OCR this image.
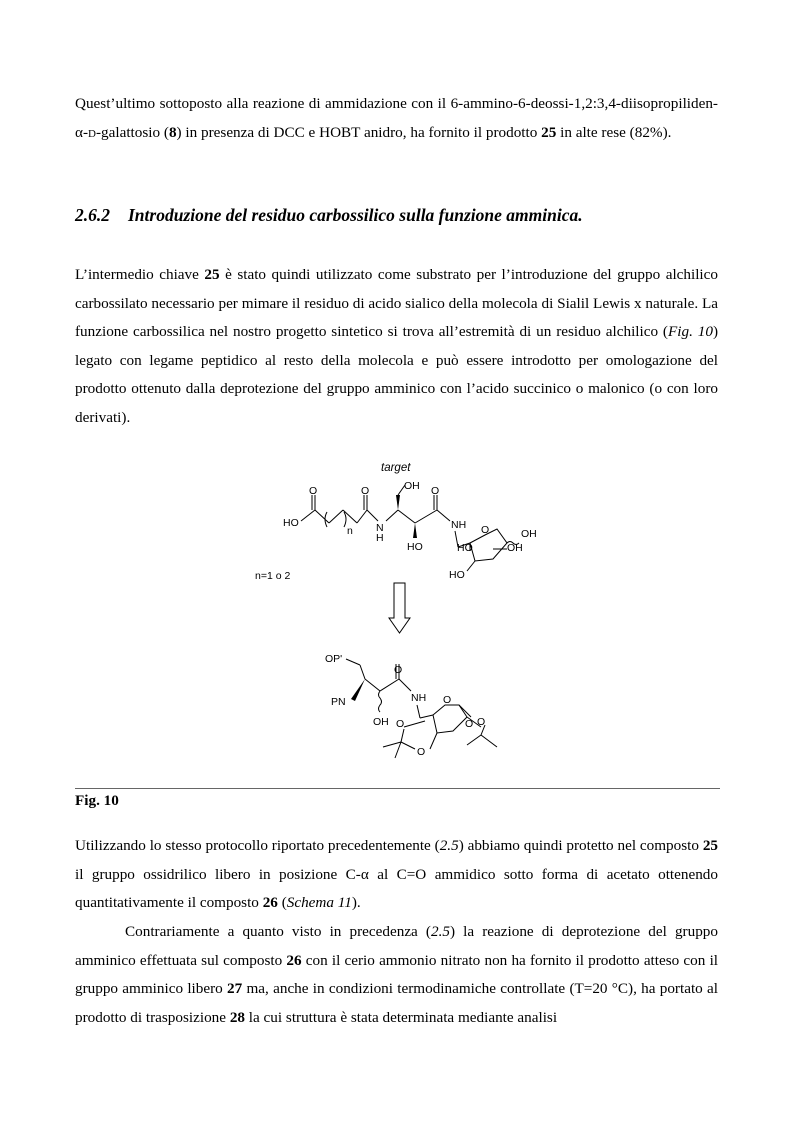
Quest’ultimo sottoposto alla reazione di ammidazione con il 6-ammino-6-deossi-1,2:3,4-diisopropiliden-α-D-galattosio (8) in presenza di DCC e HOBT anidro, ha fornito il prodotto 25 in alte rese (82%).
2.6.2 Introduzione del residuo carbossilico sulla funzione amminica.
L’intermedio chiave 25 è stato quindi utilizzato come substrato per l’introduzione del gruppo alchilico carbossilato necessario per mimare il residuo di acido sialico della molecola di Sialil Lewis x naturale. La funzione carbossilica nel nostro progetto sintetico si trova all’estremità di un residuo alchilico (Fig. 10) legato con legame peptidico al resto della molecola e può essere introdotto per omologazione del prodotto ottenuto dalla deprotezione del gruppo amminico con l’acido succinico o malonico (o con loro derivati).
target
HO
O
n
O
N
H
OH
HO
O
NH O	OH
OH
HO
HO
n=1 o 2
OP'
PN
OH
O
NH O
O
O
O O
Fig. 10
Utilizzando lo stesso protocollo riportato precedentemente (2.5) abbiamo quindi protetto nel composto 25 il gruppo ossidrilico libero in posizione C-α al C=O ammidico sotto forma di acetato ottenendo quantitativamente il composto 26 (Schema 11).
Contrariamente a quanto visto in precedenza (2.5) la reazione di deprotezione del gruppo amminico effettuata sul composto 26 con il cerio ammonio nitrato non ha fornito il prodotto atteso con il gruppo amminico libero 27 ma, anche in condizioni termodinamiche controllate (T=20 °C), ha portato al prodotto di trasposizione 28 la cui struttura è stata determinata mediante analisi
